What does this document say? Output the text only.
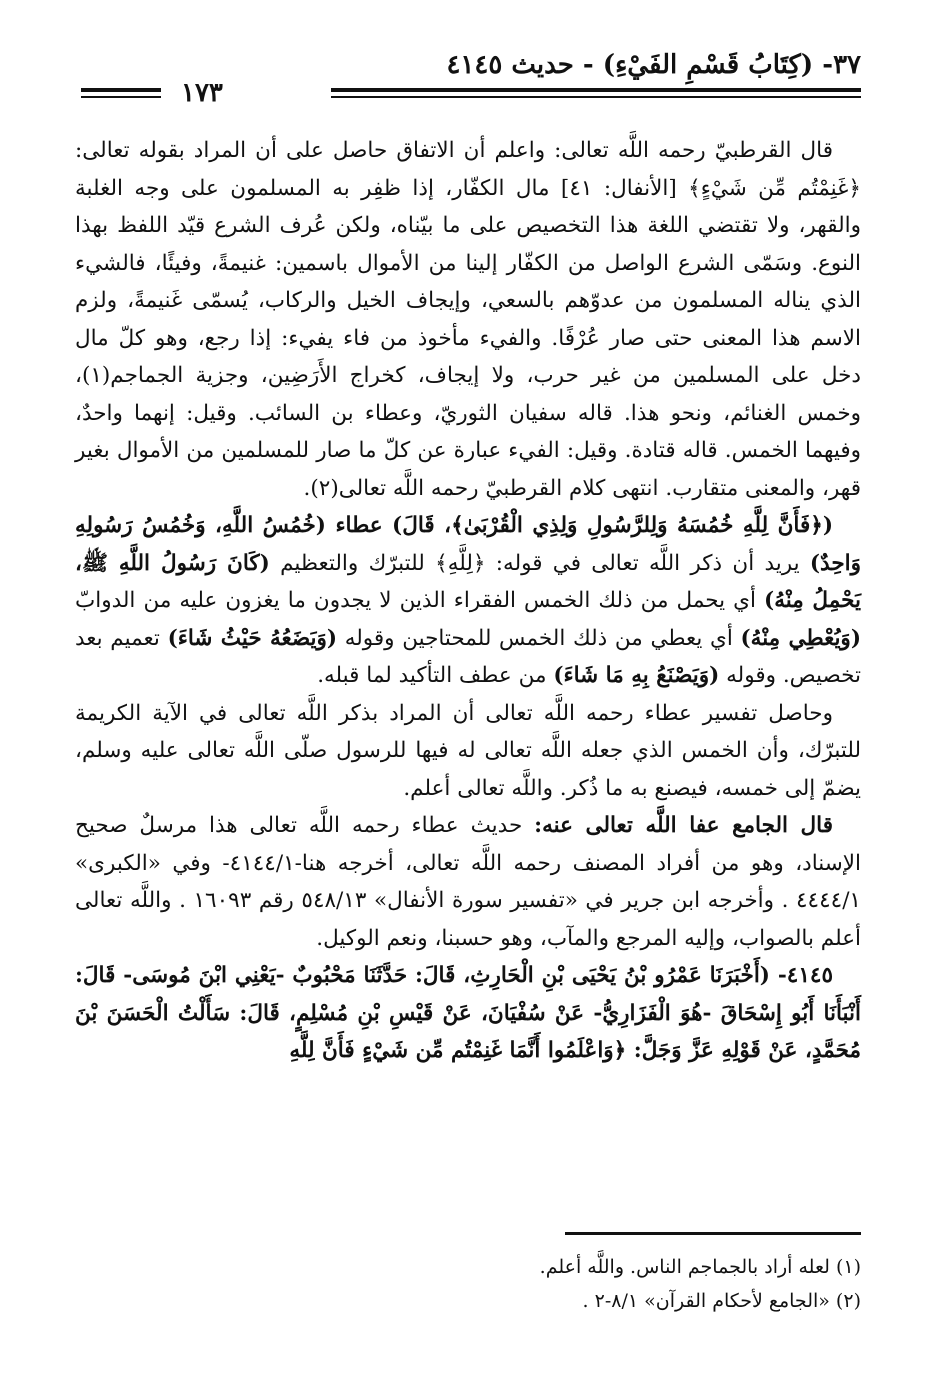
٣٧- (كِتَابُ قَسْمِ الفَيْءِ) - حديث ٤١٤٥
١٧٣

قال القرطبيّ رحمه اللَّه تعالى: واعلم أن الاتفاق حاصل على أن المراد بقوله تعالى: ﴿غَنِمْتُم مِّن شَيْءٍ﴾ [الأنفال: ٤١] مال الكفّار، إذا ظفِر به المسلمون على وجه الغلبة والقهر، ولا تقتضي اللغة هذا التخصيص على ما بيّناه، ولكن عُرف الشرع قيّد اللفظ بهذا النوع. وسَمّى الشرع الواصل من الكفّار إلينا من الأموال باسمين: غنيمةً، وفيئًا، فالشيء الذي يناله المسلمون من عدوّهم بالسعي، وإيجاف الخيل والركاب، يُسمّى غَنيمةً، ولزم الاسم هذا المعنى حتى صار عُرْفًا. والفيء مأخوذ من فاء يفيء: إذا رجع، وهو كلّ مال دخل على المسلمين من غير حرب، ولا إيجاف، كخراج الأَرَضِين، وجزية الجماجم(١)، وخمس الغنائم، ونحو هذا. قاله سفيان الثوريّ، وعطاء بن السائب. وقيل: إنهما واحدٌ، وفيهما الخمس. قاله قتادة. وقيل: الفيء عبارة عن كلّ ما صار للمسلمين من الأموال بغير قهر، والمعنى متقارب. انتهى كلام القرطبيّ رحمه اللَّه تعالى(٢).

(﴿فَأَنَّ لِلَّهِ خُمُسَهُ وَلِلرَّسُولِ وَلِذِي الْقُرْبَىٰ﴾، قَالَ) عطاء (خُمُسُ اللَّهِ، وَخُمُسُ رَسُولِهِ وَاحِدٌ) يريد أن ذكر اللَّه تعالى في قوله: ﴿لِلَّهِ﴾ للتبرّك والتعظيم (كَانَ رَسُولُ اللَّهِ ﷺ، يَحْمِلُ مِنْهُ) أي يحمل من ذلك الخمس الفقراء الذين لا يجدون ما يغزون عليه من الدوابّ (وَيُعْطِي مِنْهُ) أي يعطي من ذلك الخمس للمحتاجين وقوله (وَيَضَعُهُ حَيْثُ شَاءَ) تعميم بعد تخصيص. وقوله (وَيَصْنَعُ بِهِ مَا شَاءَ) من عطف التأكيد لما قبله.

وحاصل تفسير عطاء رحمه اللَّه تعالى أن المراد بذكر اللَّه تعالى في الآية الكريمة للتبرّك، وأن الخمس الذي جعله اللَّه تعالى له فيها للرسول صلّى اللَّه تعالى عليه وسلم، يضمّ إلى خمسه، فيصنع به ما ذُكر. واللَّه تعالى أعلم.

قال الجامع عفا اللَّه تعالى عنه: حديث عطاء رحمه اللَّه تعالى هذا مرسلٌ صحيح الإسناد، وهو من أفراد المصنف رحمه اللَّه تعالى، أخرجه هنا-٤١٤٤/١- وفي «الكبرى» ٤٤٤٤/١ . وأخرجه ابن جرير في «تفسير سورة الأنفال» ٥٤٨/١٣ رقم ١٦٠٩٣ . واللَّه تعالى أعلم بالصواب، وإليه المرجع والمآب، وهو حسبنا، ونعم الوكيل.

٤١٤٥- (أَخْبَرَنَا عَمْرُو بْنُ يَحْيَى بْنِ الْحَارِثِ، قَالَ: حَدَّثَنَا مَحْبُوبٌ -يَعْنِي ابْنَ مُوسَى- قَالَ: أَنْبَأَنَا أَبُو إِسْحَاقَ -هُوَ الْفَزَارِيُّ- عَنْ سُفْيَانَ، عَنْ قَيْسِ بْنِ مُسْلِمٍ، قَالَ: سَأَلْتُ الْحَسَنَ بْنَ مُحَمَّدٍ، عَنْ قَوْلِهِ عَزَّ وَجَلَّ: ﴿وَاعْلَمُوا أَنَّمَا غَنِمْتُم مِّن شَيْءٍ فَأَنَّ لِلَّهِ

(١) لعله أراد بالجماجم الناس. واللَّه أعلم.

(٢) «الجامع لأحكام القرآن» ٨/١-٢ .
